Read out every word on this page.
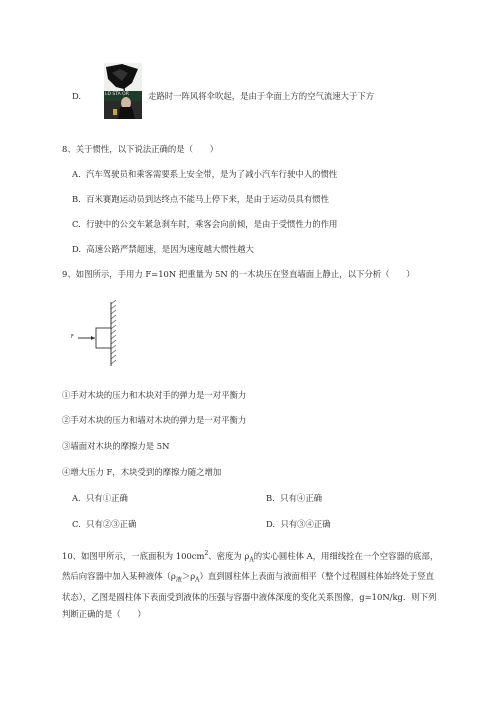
D.	LD STA OR 走路时一阵风将伞吹起，是由于伞面上方的空气流速大于下方
8、关于惯性，以下说法正确的是（　　）
A. 汽车驾驶员和乘客需要系上安全带，是为了减小汽车行驶中人的惯性
B. 百米赛跑运动员到达终点不能马上停下来，是由于运动员具有惯性
C. 行驶中的公交车紧急刹车时，乘客会向前倾，是由于受惯性力的作用
D. 高速公路严禁超速，是因为速度越大惯性越大
9、如图所示，手用力 F=10N 把重量为 5N 的一木块压在竖直墙面上静止，以下分析（　　）
F
①手对木块的压力和木块对手的弹力是一对平衡力
②手对木块的压力和墙对木块的弹力是一对平衡力
③墙面对木块的摩擦力是 5N
④增大压力 F，木块受到的摩擦力随之增加
A. 只有①正确	B. 只有④正确
C. 只有②③正确	D. 只有③④正确
10、如图甲所示，一底面积为 $100cm^2$、密度为 $\rho_A$的实心圆柱体 A，用细线拴在一个空容器的底部，然后向容器中加入某种液体$(\rho_液>\rho_A)$直到圆柱体上表面与液面相平（整个过程圆柱体始终处于竖直状态），乙图是圆柱体下表面受到液体的压强与容器中液体深度的变化关系图像，g=10N/kg．则下列判断正确的是（　　）
